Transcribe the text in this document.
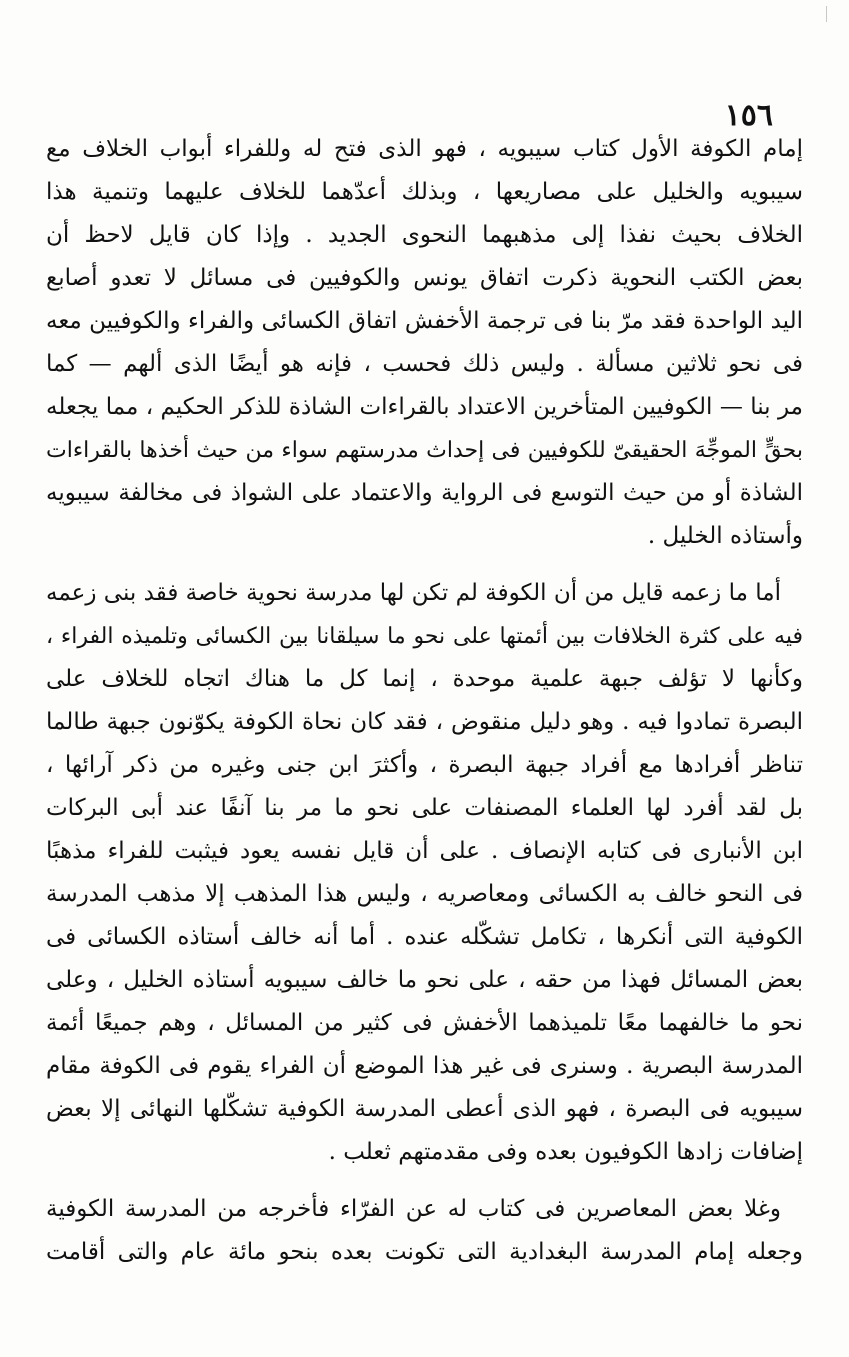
١٥٦
إمام الكوفة الأول كتاب سيبويه ، فهو الذى فتح له وللفراء أبواب الخلاف مع
سيبويه والخليل على مصاريعها ، وبذلك أعدّهما للخلاف عليهما وتنمية هذا
الخلاف بحيث نفذا إلى مذهبهما النحوى الجديد . وإذا كان قايل لاحظ أن
بعض الكتب النحوية ذكرت اتفاق يونس والكوفيين فى مسائل لا تعدو أصابع
اليد الواحدة فقد مرّ بنا فى ترجمة الأخفش اتفاق الكسائى والفراء والكوفيين معه
فى نحو ثلاثين مسألة . وليس ذلك فحسب ، فإنه هو أيضًا الذى ألهم — كما
مر بنا — الكوفيين المتأخرين الاعتداد بالقراءات الشاذة للذكر الحكيم ، مما يجعله
بحقٍّ الموجِّهَ الحقيقىّ للكوفيين فى إحداث مدرستهم سواء من حيث أخذها بالقراءات
الشاذة أو من حيث التوسع فى الرواية والاعتماد على الشواذ فى مخالفة سيبويه
وأستاذه الخليل .
أما ما زعمه قايل من أن الكوفة لم تكن لها مدرسة نحوية خاصة فقد بنى زعمه
فيه على كثرة الخلافات بين أئمتها على نحو ما سيلقانا بين الكسائى وتلميذه الفراء ،
وكأنها لا تؤلف جبهة علمية موحدة ، إنما كل ما هناك اتجاه للخلاف على
البصرة تمادوا فيه . وهو دليل منقوض ، فقد كان نحاة الكوفة يكوّنون جبهة طالما
تناظر أفرادها مع أفراد جبهة البصرة ، وأكثرَ ابن جنى وغيره من ذكر آرائها ،
بل لقد أفرد لها العلماء المصنفات على نحو ما مر بنا آنفًا عند أبى البركات
ابن الأنبارى فى كتابه الإنصاف . على أن قايل نفسه يعود فيثبت للفراء مذهبًا
فى النحو خالف به الكسائى ومعاصريه ، وليس هذا المذهب إلا مذهب المدرسة
الكوفية التى أنكرها ، تكامل تشكّله عنده . أما أنه خالف أستاذه الكسائى فى
بعض المسائل فهذا من حقه ، على نحو ما خالف سيبويه أستاذه الخليل ، وعلى
نحو ما خالفهما معًا تلميذهما الأخفش فى كثير من المسائل ، وهم جميعًا أئمة
المدرسة البصرية . وسنرى فى غير هذا الموضع أن الفراء يقوم فى الكوفة مقام
سيبويه فى البصرة ، فهو الذى أعطى المدرسة الكوفية تشكّلها النهائى إلا بعض
إضافات زادها الكوفيون بعده وفى مقدمتهم ثعلب .
وغلا بعض المعاصرين فى كتاب له عن الفرّاء فأخرجه من المدرسة الكوفية
وجعله إمام المدرسة البغدادية التى تكونت بعده بنحو مائة عام والتى أقامت
